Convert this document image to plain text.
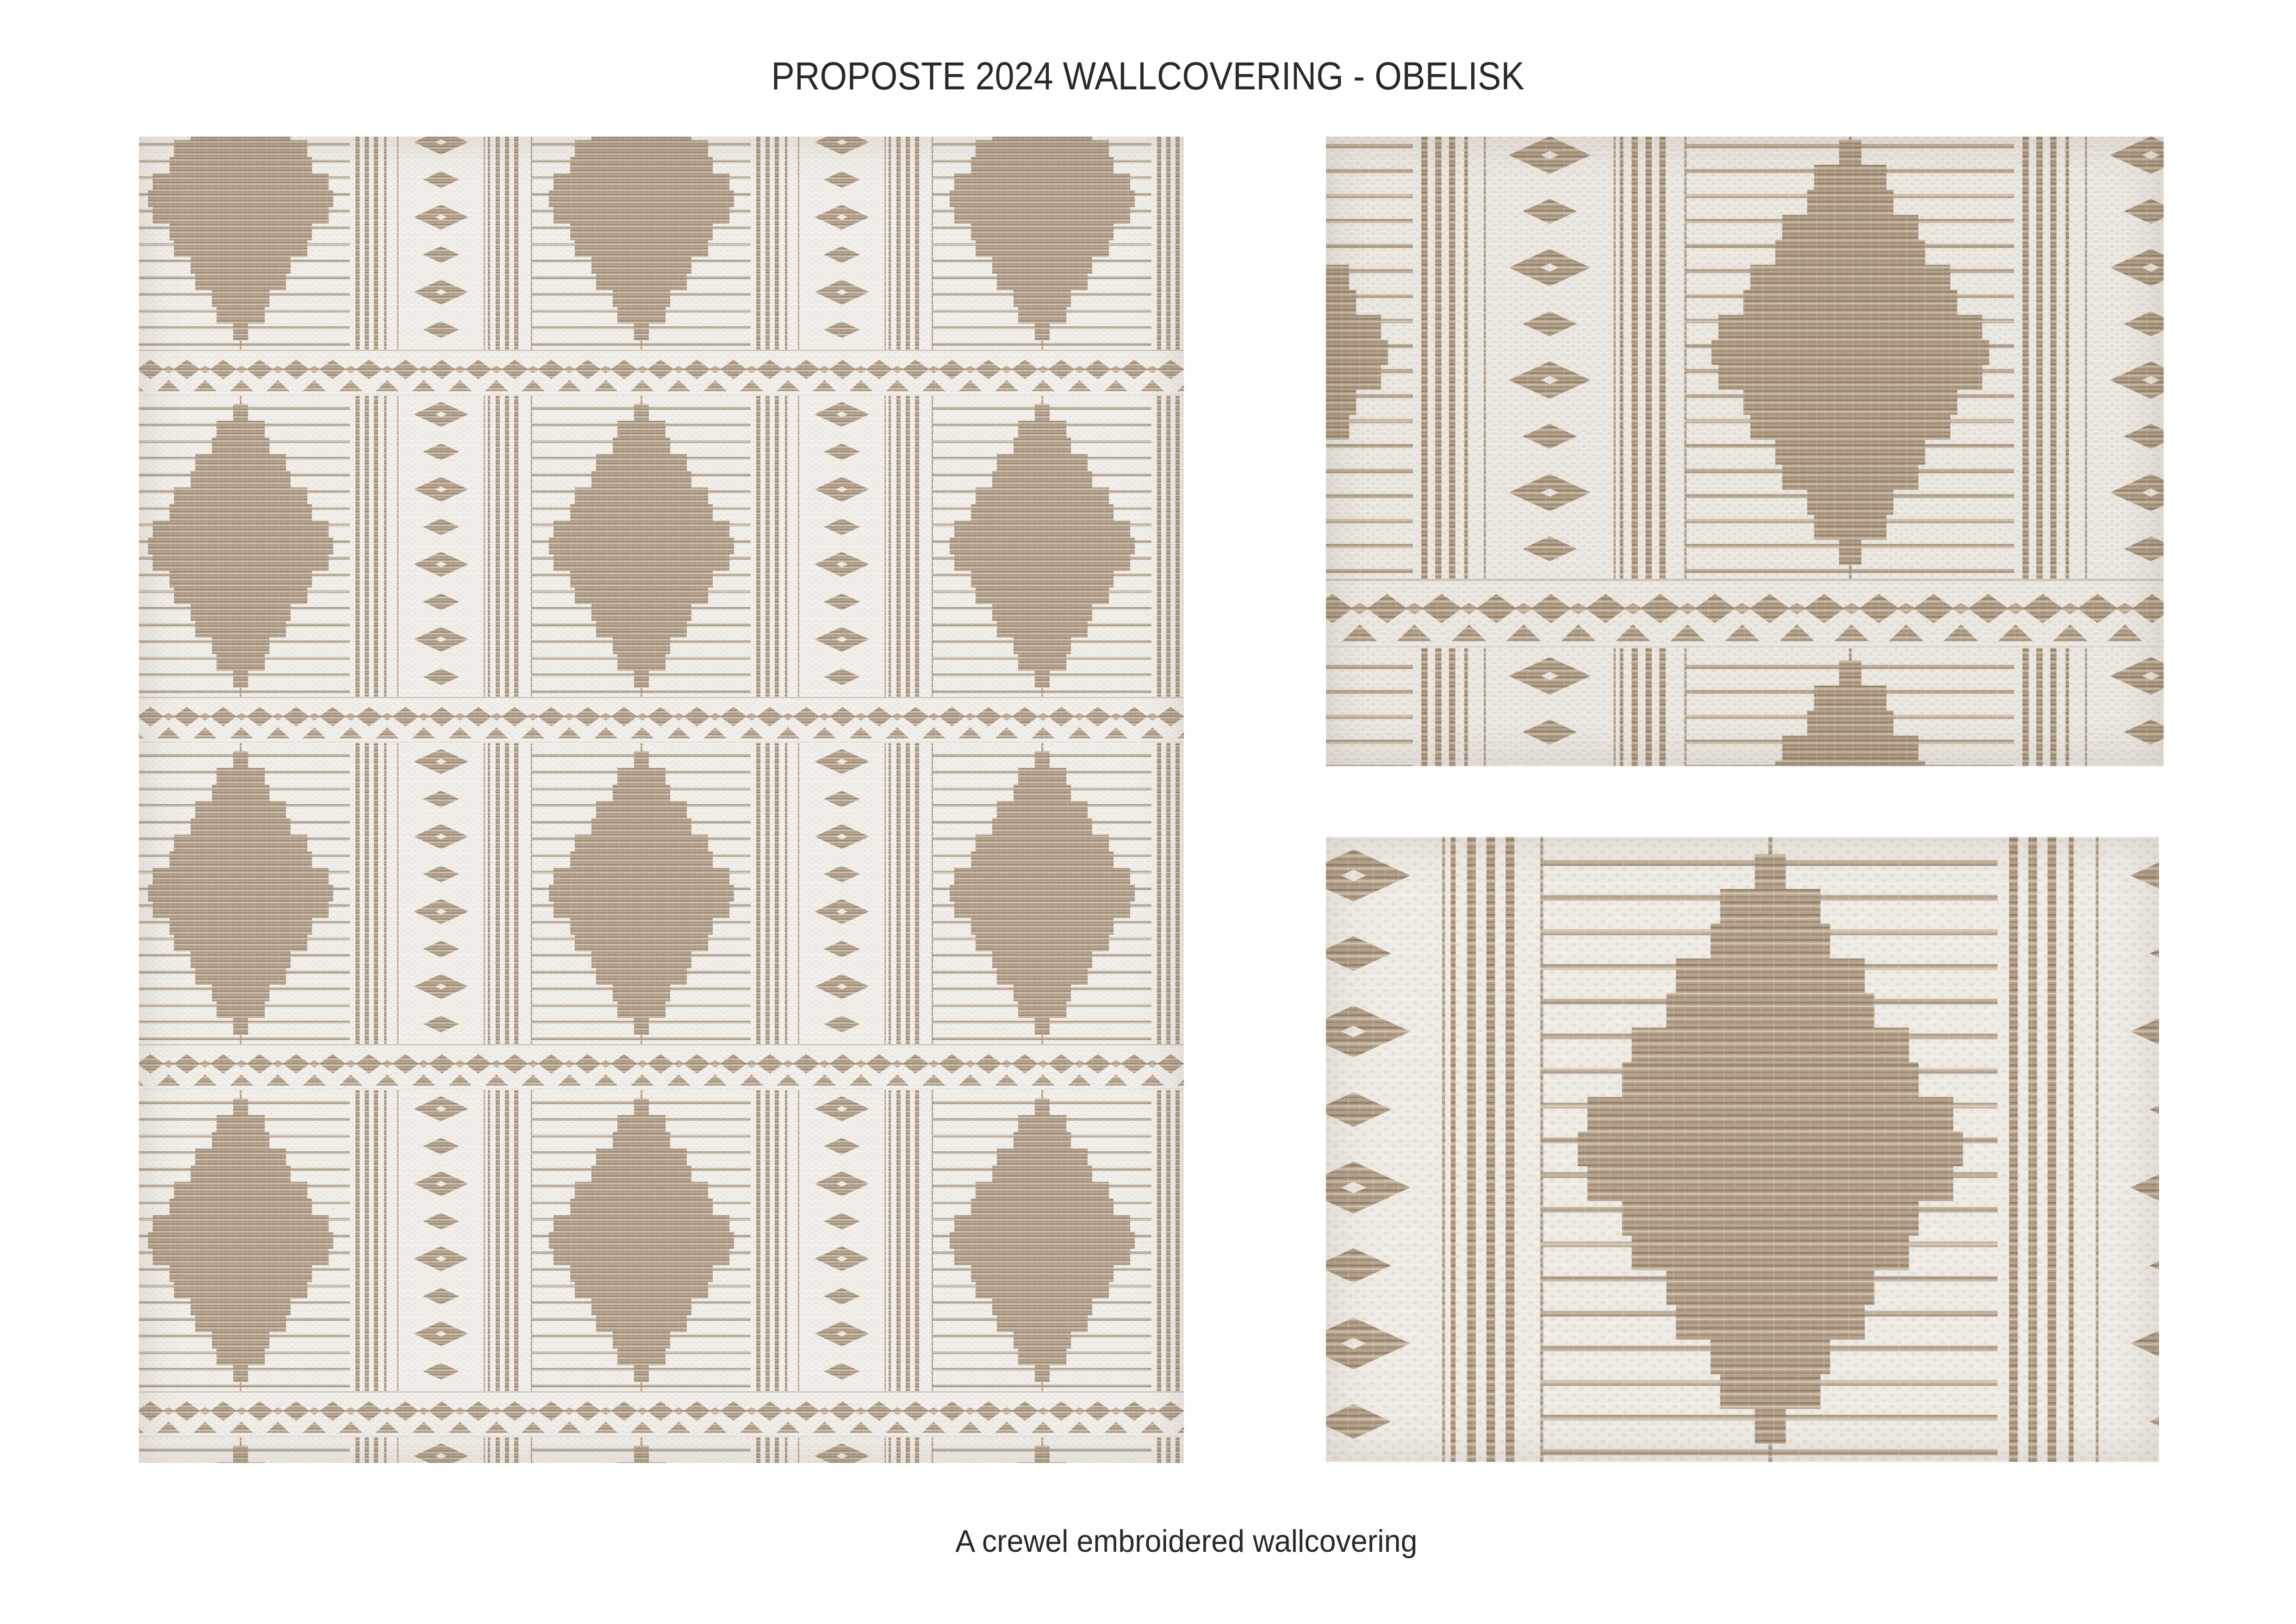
PROPOSTE 2024 WALLCOVERING - OBELISK

A crewel embroidered wallcovering
